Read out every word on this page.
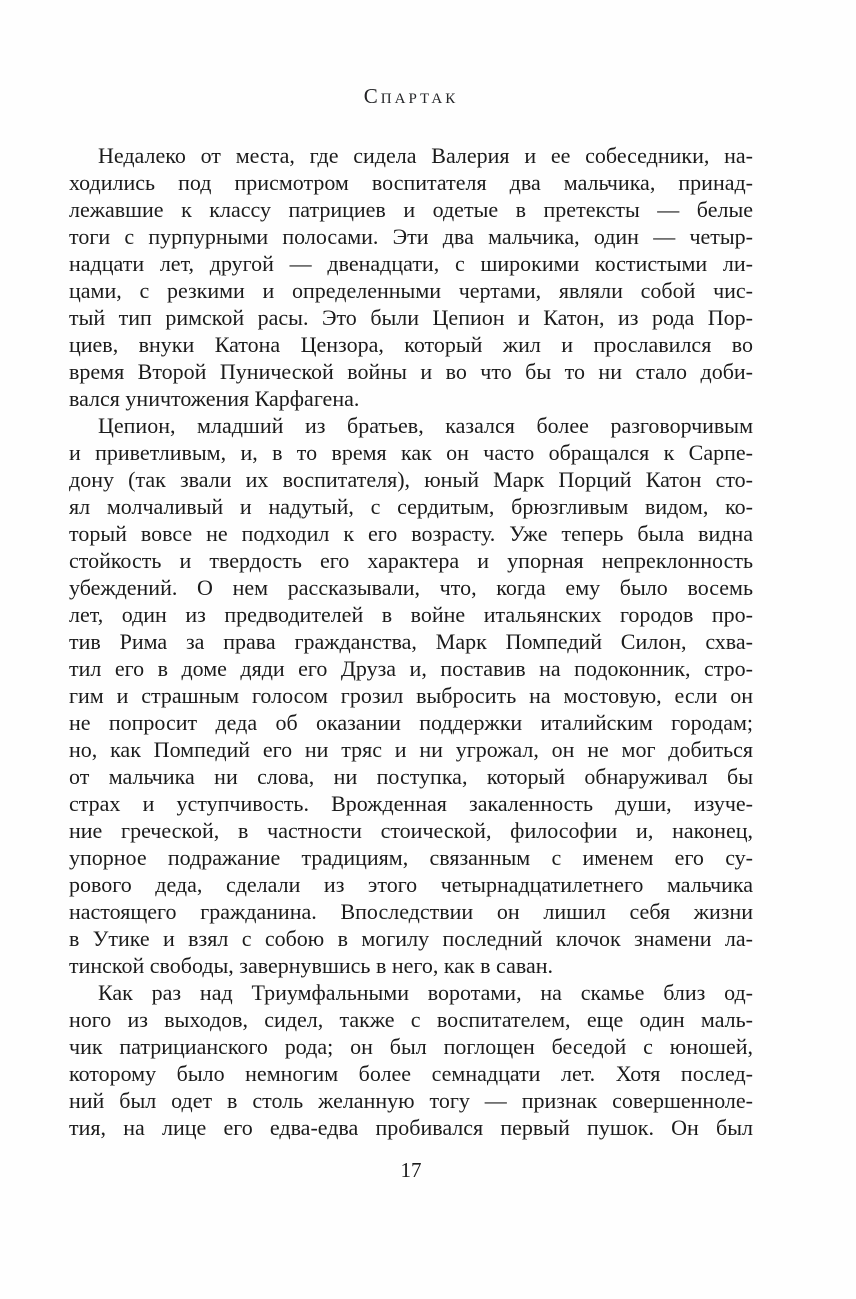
Спартак
Недалеко от места, где сидела Валерия и ее собеседники, на-
ходились под присмотром воспитателя два мальчика, принад-
лежавшие к классу патрициев и одетые в претексты — белые
тоги с пурпурными полосами. Эти два мальчика, один — четыр-
надцати лет, другой — двенадцати, с широкими костистыми ли-
цами, с резкими и определенными чертами, являли собой чис-
тый тип римской расы. Это были Цепион и Катон, из рода Пор-
циев, внуки Катона Цензора, который жил и прославился во
время Второй Пунической войны и во что бы то ни стало доби-
вался уничтожения Карфагена.
Цепион, младший из братьев, казался более разговорчивым
и приветливым, и, в то время как он часто обращался к Сарпе-
дону (так звали их воспитателя), юный Марк Порций Катон сто-
ял молчаливый и надутый, с сердитым, брюзгливым видом, ко-
торый вовсе не подходил к его возрасту. Уже теперь была видна
стойкость и твердость его характера и упорная непреклонность
убеждений. О нем рассказывали, что, когда ему было восемь
лет, один из предводителей в войне итальянских городов про-
тив Рима за права гражданства, Марк Помпедий Силон, схва-
тил его в доме дяди его Друза и, поставив на подоконник, стро-
гим и страшным голосом грозил выбросить на мостовую, если он
не попросит деда об оказании поддержки италийским городам;
но, как Помпедий его ни тряс и ни угрожал, он не мог добиться
от мальчика ни слова, ни поступка, который обнаруживал бы
страх и уступчивость. Врожденная закаленность души, изуче-
ние греческой, в частности стоической, философии и, наконец,
упорное подражание традициям, связанным с именем его су-
рового деда, сделали из этого четырнадцатилетнего мальчика
настоящего гражданина. Впоследствии он лишил себя жизни
в Утике и взял с собою в могилу последний клочок знамени ла-
тинской свободы, завернувшись в него, как в саван.
Как раз над Триумфальными воротами, на скамье близ од-
ного из выходов, сидел, также с воспитателем, еще один маль-
чик патрицианского рода; он был поглощен беседой с юношей,
которому было немногим более семнадцати лет. Хотя послед-
ний был одет в столь желанную тогу — признак совершенноле-
тия, на лице его едва-едва пробивался первый пушок. Он был
17
